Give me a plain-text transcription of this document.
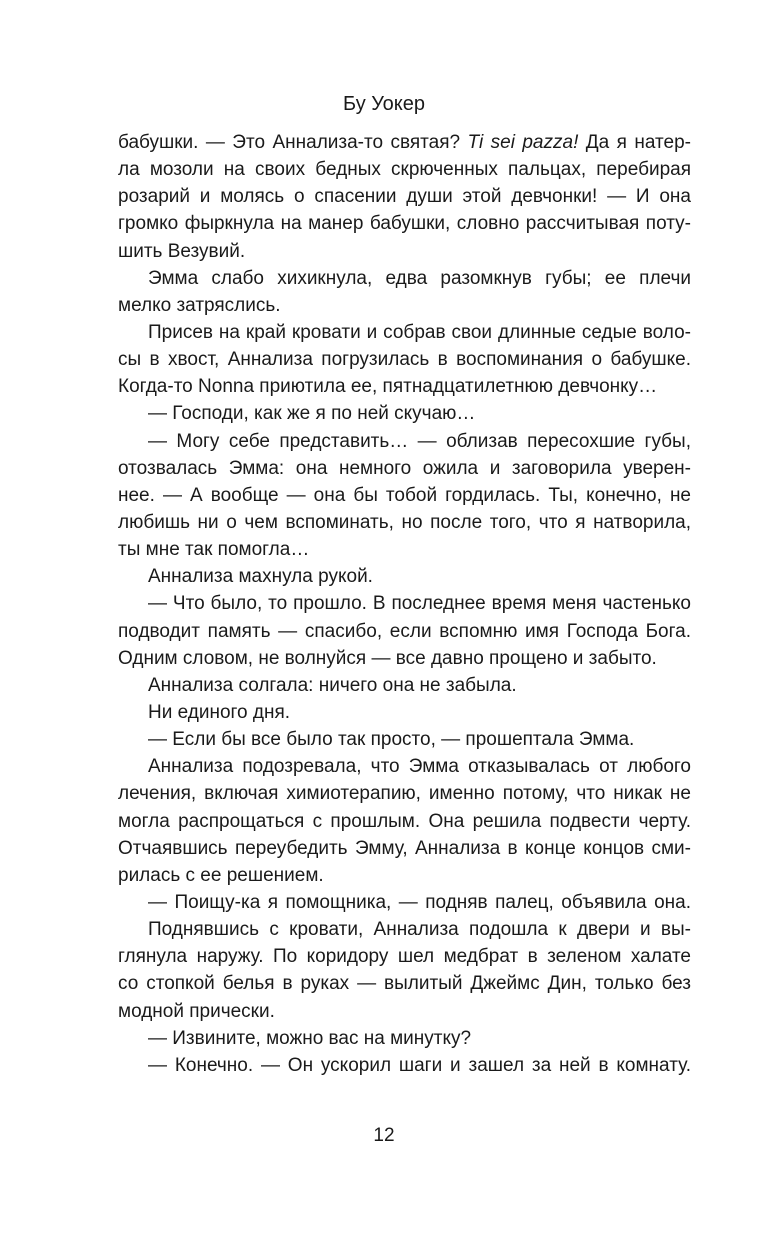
Бу Уокер
бабушки. — Это Аннализа-то святая? Ti sei pazza! Да я натер-
ла мозоли на своих бедных скрюченных пальцах, перебирая
розарий и молясь о спасении души этой девчонки! — И она
громко фыркнула на манер бабушки, словно рассчитывая поту-
шить Везувий.
Эмма слабо хихикнула, едва разомкнув губы; ее плечи
мелко затряслись.
Присев на край кровати и собрав свои длинные седые воло-
сы в хвост, Аннализа погрузилась в воспоминания о бабушке.
Когда-то Nonna приютила ее, пятнадцатилетнюю девчонку…
— Господи, как же я по ней скучаю…
— Могу себе представить… — облизав пересохшие губы,
отозвалась Эмма: она немного ожила и заговорила уверен-
нее. — А вообще — она бы тобой гордилась. Ты, конечно, не
любишь ни о чем вспоминать, но после того, что я натворила,
ты мне так помогла…
Аннализа махнула рукой.
— Что было, то прошло. В последнее время меня частенько
подводит память — спасибо, если вспомню имя Господа Бога.
Одним словом, не волнуйся — все давно прощено и забыто.
Аннализа солгала: ничего она не забыла.
Ни единого дня.
— Если бы все было так просто, — прошептала Эмма.
Аннализа подозревала, что Эмма отказывалась от любого
лечения, включая химиотерапию, именно потому, что никак не
могла распрощаться с прошлым. Она решила подвести черту.
Отчаявшись переубедить Эмму, Аннализа в конце концов сми-
рилась с ее решением.
— Поищу-ка я помощника, — подняв палец, объявила она.
Поднявшись с кровати, Аннализа подошла к двери и вы-
глянула наружу. По коридору шел медбрат в зеленом халате
со стопкой белья в руках — вылитый Джеймс Дин, только без
модной прически.
— Извините, можно вас на минутку?
— Конечно. — Он ускорил шаги и зашел за ней в комнату.
12
